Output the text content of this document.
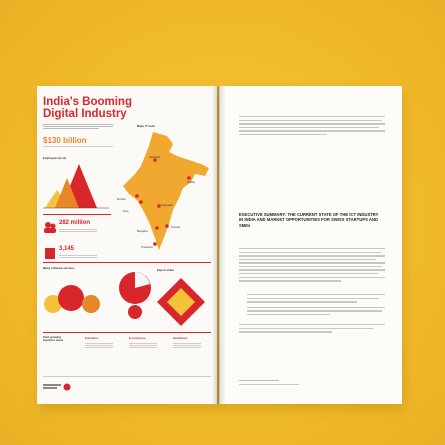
India's Booming
Digital Industry
$130 billion
Employees (in m)
282 million
3,145
Major IT hubs
New Delhi
Kolkata
Mumbai
Hyderabad
Chennai
Bangalore
Pune
Trivandrum
Many software services	Export share
Tech growing business areas
Education	E-commerce	Healthcare
EXECUTIVE SUMMARY: THE CURRENT STATE OF THE ICT INDUSTRY IN INDIA AND MARKET OPPORTUNITIES FOR SWISS STARTUPS AND SMEs
